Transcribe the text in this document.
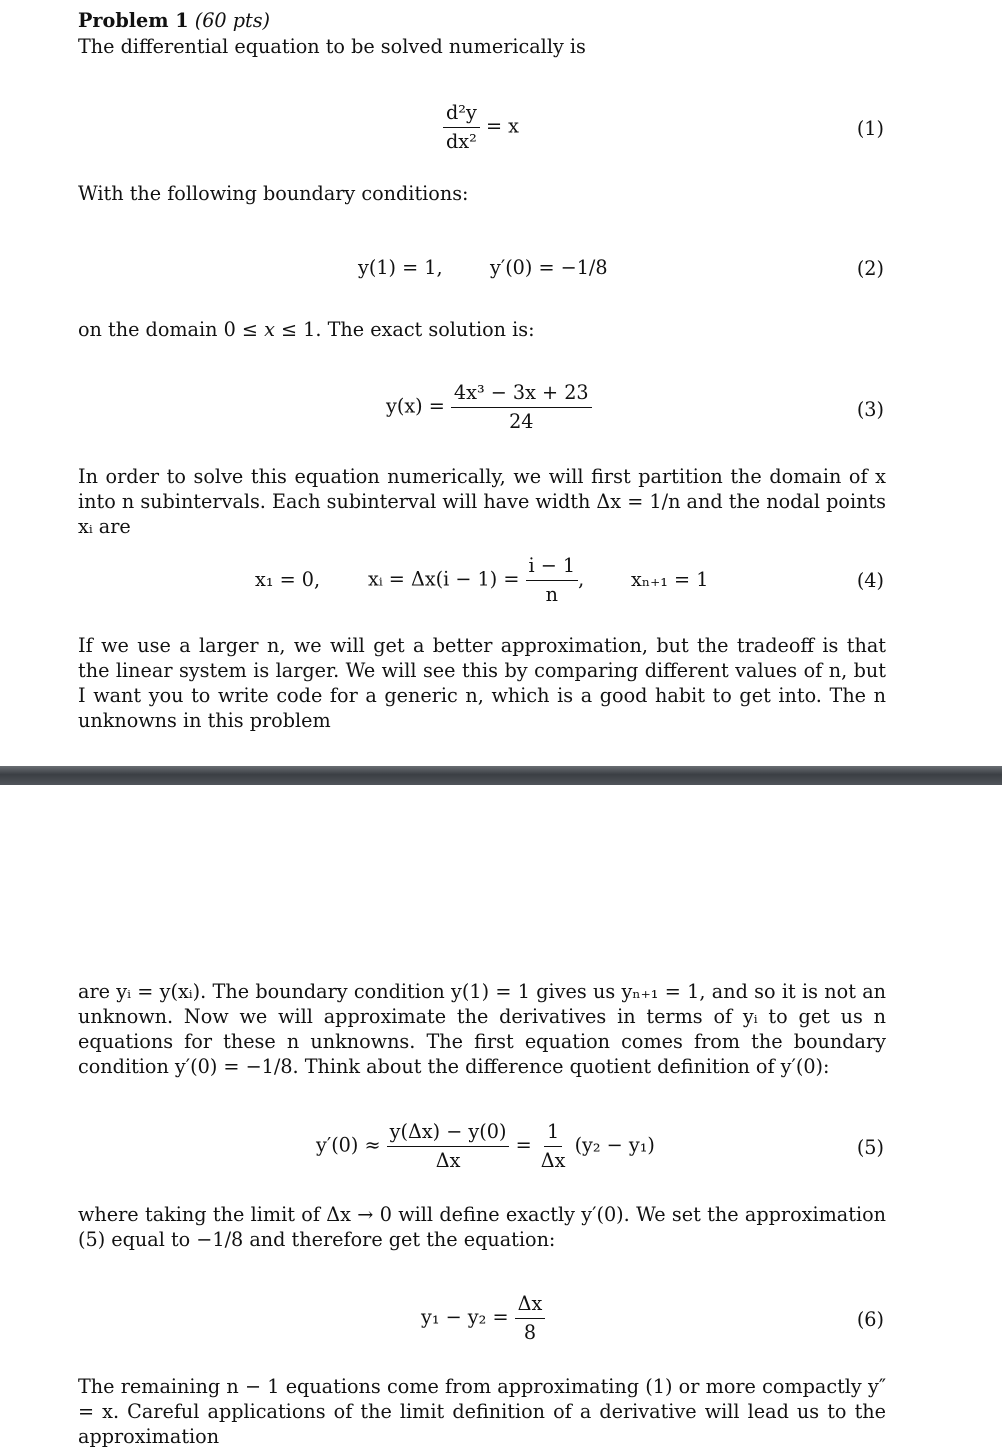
Problem 1 (60 pts)
The differential equation to be solved numerically is
$\frac{\text{d²y}}{\text{dx²}} = x$	(1)
With the following boundary conditions:
y(1) = 1, y′(0) = −1/8	(2)
on the domain 0 ≤ x ≤ 1. The exact solution is:
$y(x) = \frac{\text{4x³ − 3x + 23}}{24}$	(3)
In order to solve this equation numerically, we will first partition the domain of x into n subintervals. Each subinterval will have width Δx = 1/n and the nodal points xᵢ are
x₁ = 0, xᵢ = $\Delta x(i - 1) = \frac{i - 1}{n}$ , xₙ₊₁ = 1	(4)
If we use a larger n, we will get a better approximation, but the tradeoff is that the linear system is larger. We will see this by comparing different values of n, but I want you to write code for a generic n, which is a good habit to get into. The n unknowns in this problem
are yᵢ = y(xᵢ). The boundary condition y(1) = 1 gives us yₙ₊₁ = 1, and so it is not an unknown. Now we will approximate the derivatives in terms of yᵢ to get us n equations for these n unknowns. The first equation comes from the boundary condition y′(0) = −1/8. Think about the difference quotient definition of y′(0):
$y'(0) \approx \frac{y(\Delta x) - y(0)}{\Delta x} = \frac{1}{\Delta x} (y_2 - y_1)$	(5)
where taking the limit of Δx → 0 will define exactly y′(0). We set the approximation (5) equal to −1/8 and therefore get the equation:
$y_1 - y_2 = \frac{\Delta x}{8}$	(6)
The remaining n − 1 equations come from approximating (1) or more compactly y″ = x. Careful applications of the limit definition of a derivative will lead us to the approximation
